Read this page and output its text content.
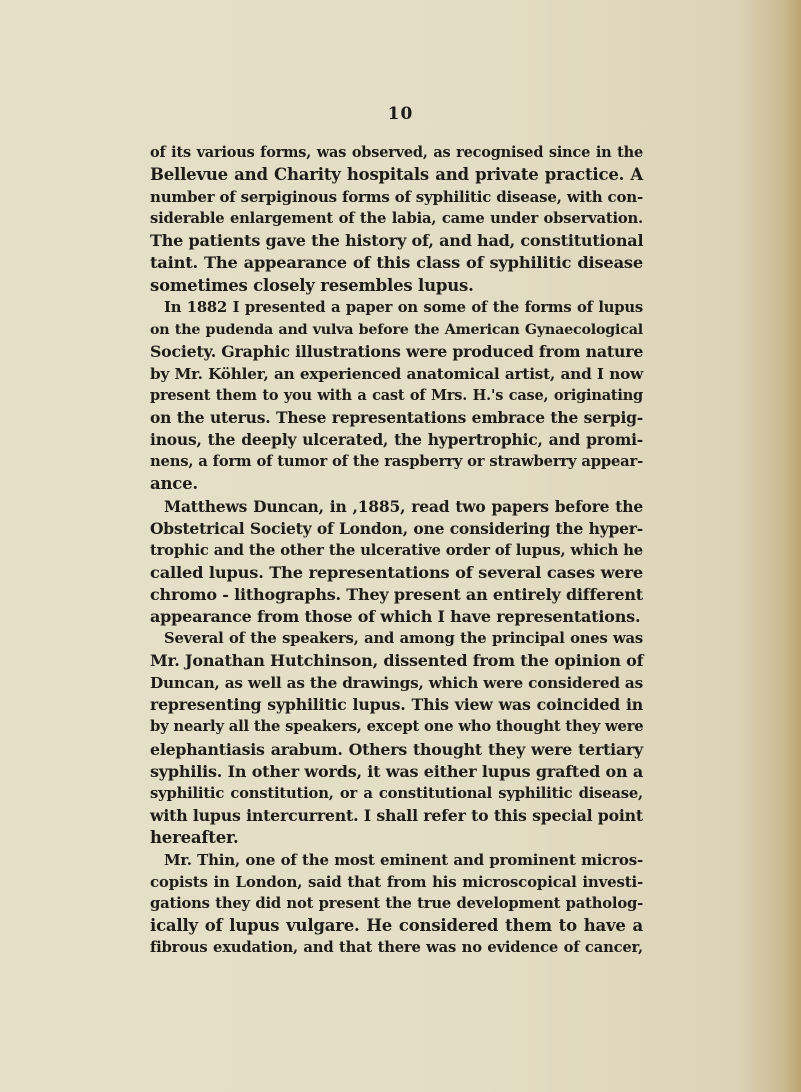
10
of its various forms, was observed, as recognised since in the
Bellevue and Charity hospitals and private practice. A
number of serpiginous forms of syphilitic disease, with con-
siderable enlargement of the labia, came under observation.
The patients gave the history of, and had, constitutional
taint. The appearance of this class of syphilitic disease
sometimes closely resembles lupus.
In 1882 I presented a paper on some of the forms of lupus
on the pudenda and vulva before the American Gynaecological
Society. Graphic illustrations were produced from nature
by Mr. Köhler, an experienced anatomical artist, and I now
present them to you with a cast of Mrs. H.'s case, originating
on the uterus. These representations embrace the serpig-
inous, the deeply ulcerated, the hypertrophic, and promi-
nens, a form of tumor of the raspberry or strawberry appear-
ance.
Matthews Duncan, in ,1885, read two papers before the
Obstetrical Society of London, one considering the hyper-
trophic and the other the ulcerative order of lupus, which he
called lupus. The representations of several cases were
chromo - lithographs. They present an entirely different
appearance from those of which I have representations.
Several of the speakers, and among the principal ones was
Mr. Jonathan Hutchinson, dissented from the opinion of
Duncan, as well as the drawings, which were considered as
representing syphilitic lupus. This view was coincided in
by nearly all the speakers, except one who thought they were
elephantiasis arabum. Others thought they were tertiary
syphilis. In other words, it was either lupus grafted on a
syphilitic constitution, or a constitutional syphilitic disease,
with lupus intercurrent. I shall refer to this special point
hereafter.
Mr. Thin, one of the most eminent and prominent micros-
copists in London, said that from his microscopical investi-
gations they did not present the true development patholog-
ically of lupus vulgare. He considered them to have a
fibrous exudation, and that there was no evidence of cancer,
